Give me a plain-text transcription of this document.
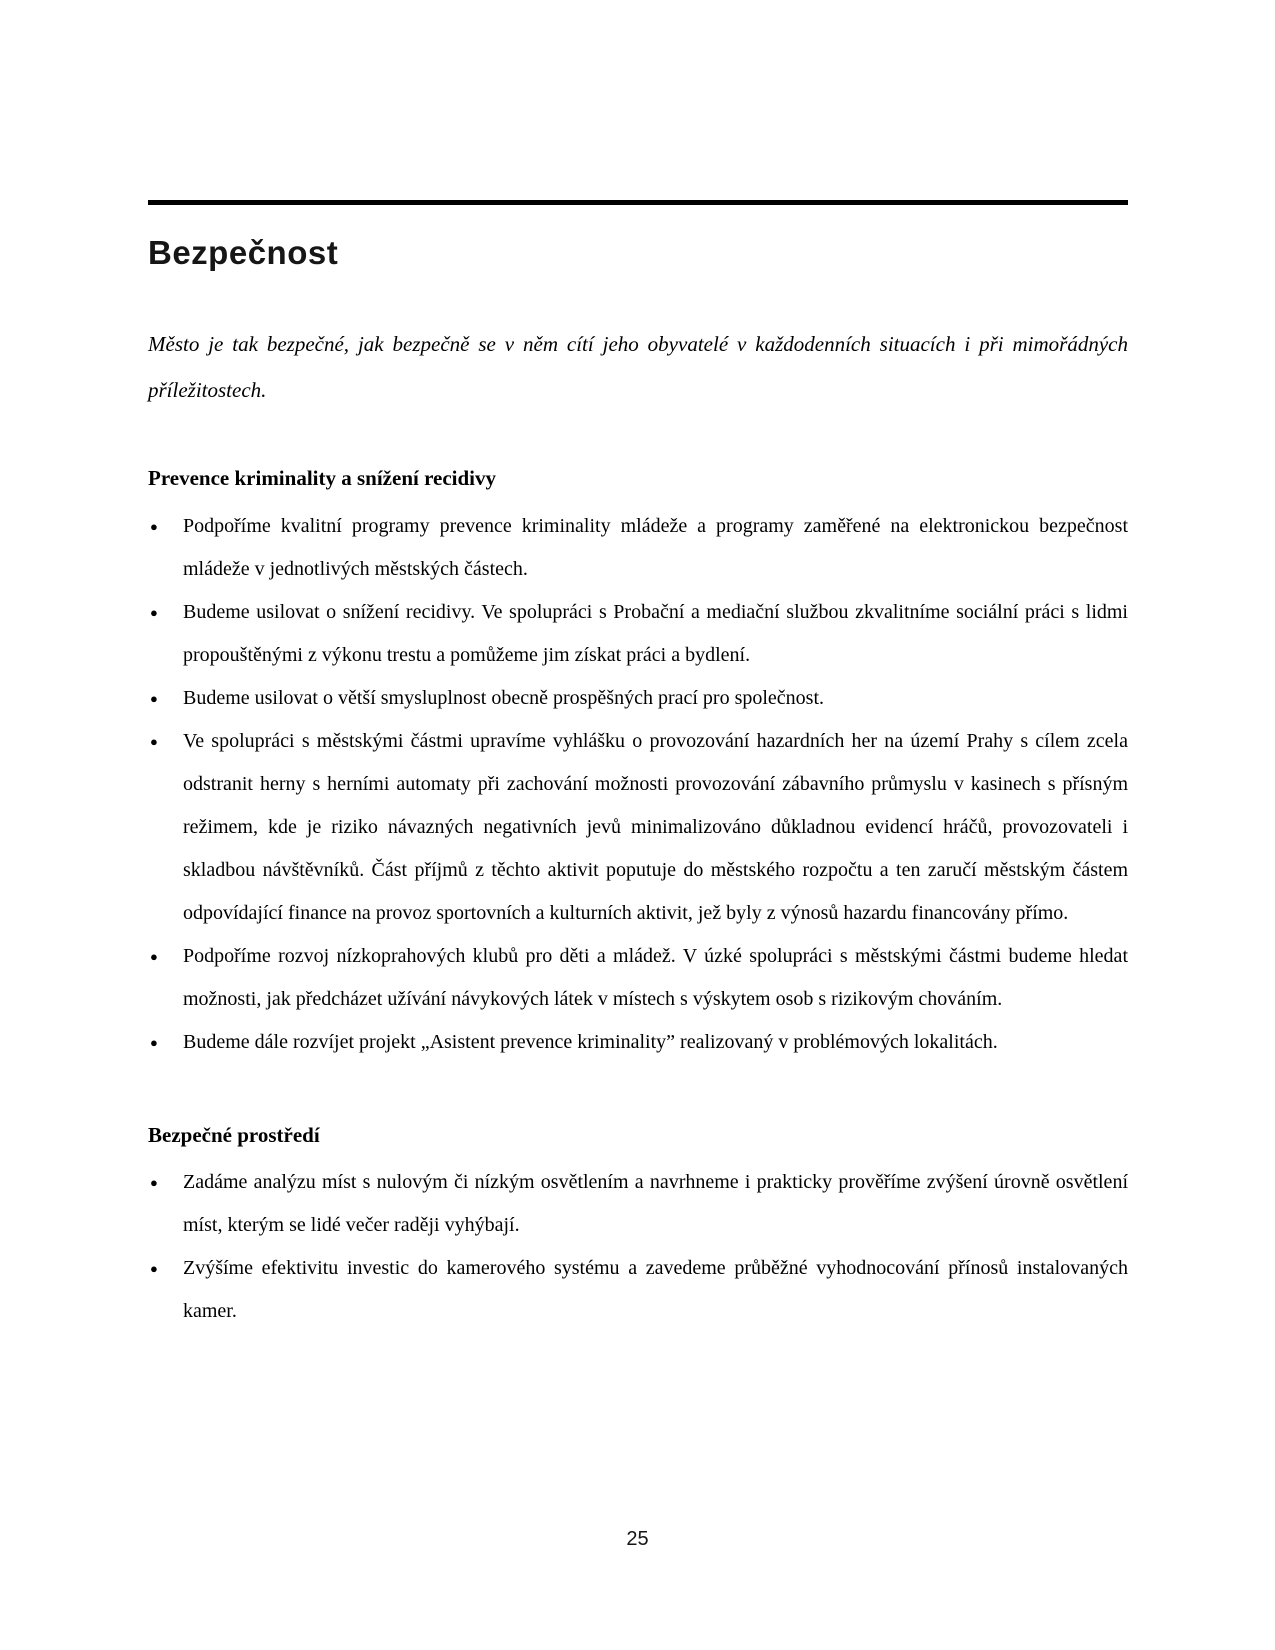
Bezpečnost

Město je tak bezpečné, jak bezpečně se v něm cítí jeho obyvatelé v každodenních situacích i při mimořádných příležitostech.

Prevence kriminality a snížení recidivy
● Podpoříme kvalitní programy prevence kriminality mládeže a programy zaměřené na elektronickou bezpečnost mládeže v jednotlivých městských částech.
● Budeme usilovat o snížení recidivy. Ve spolupráci s Probační a mediační službou zkvalitníme sociální práci s lidmi propouštěnými z výkonu trestu a pomůžeme jim získat práci a bydlení.
● Budeme usilovat o větší smysluplnost obecně prospěšných prací pro společnost.
● Ve spolupráci s městskými částmi upravíme vyhlášku o provozování hazardních her na území Prahy s cílem zcela odstranit herny s herními automaty při zachování možnosti provozování zábavního průmyslu v kasinech s přísným režimem, kde je riziko návazných negativních jevů minimalizováno důkladnou evidencí hráčů, provozovateli i skladbou návštěvníků. Část příjmů z těchto aktivit poputuje do městského rozpočtu a ten zaručí městským částem odpovídající finance na provoz sportovních a kulturních aktivit, jež byly z výnosů hazardu financovány přímo.
● Podpoříme rozvoj nízkoprahových klubů pro děti a mládež. V úzké spolupráci s městskými částmi budeme hledat možnosti, jak předcházet užívání návykových látek v místech s výskytem osob s rizikovým chováním.
● Budeme dále rozvíjet projekt „Asistent prevence kriminality” realizovaný v problémových lokalitách.
Bezpečné prostředí
● Zadáme analýzu míst s nulovým či nízkým osvětlením a navrhneme i prakticky prověříme zvýšení úrovně osvětlení míst, kterým se lidé večer raději vyhýbají.
● Zvýšíme efektivitu investic do kamerového systému a zavedeme průběžné vyhodnocování přínosů instalovaných kamer.
25
